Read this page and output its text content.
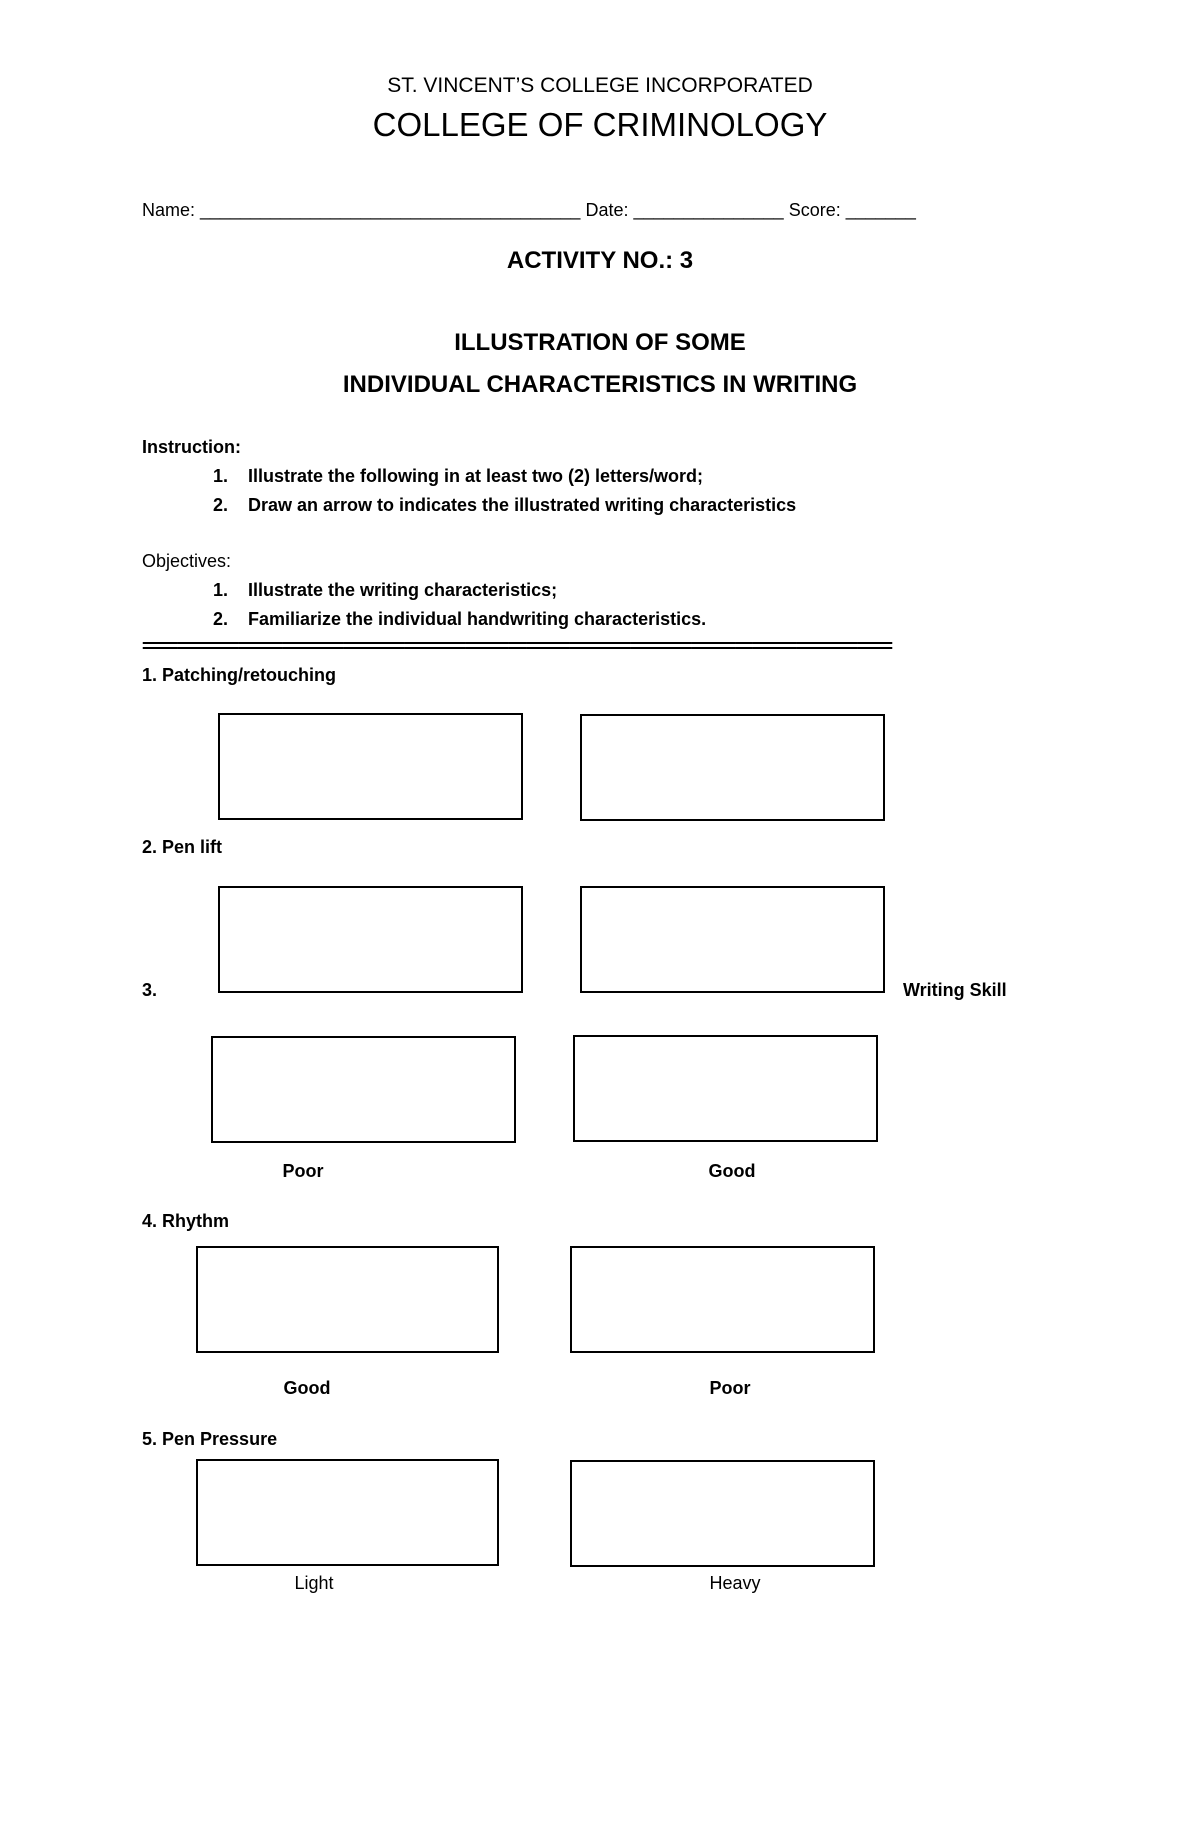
ST. VINCENT’S COLLEGE INCORPORATED
COLLEGE OF CRIMINOLOGY
Name: ______________________________________ Date: _______________ Score: _______
ACTIVITY NO.: 3
ILLUSTRATION OF SOME
INDIVIDUAL CHARACTERISTICS IN WRITING
Instruction:
1. Illustrate the following in at least two (2) letters/word;
2. Draw an arrow to indicates the illustrated writing characteristics
Objectives:
1. Illustrate the writing characteristics;
2. Familiarize the individual handwriting characteristics.
======================================================================================
1. Patching/retouching
2. Pen lift
3.	Writing Skill
Poor	Good
4. Rhythm
Good	Poor
5. Pen Pressure
Light	Heavy
